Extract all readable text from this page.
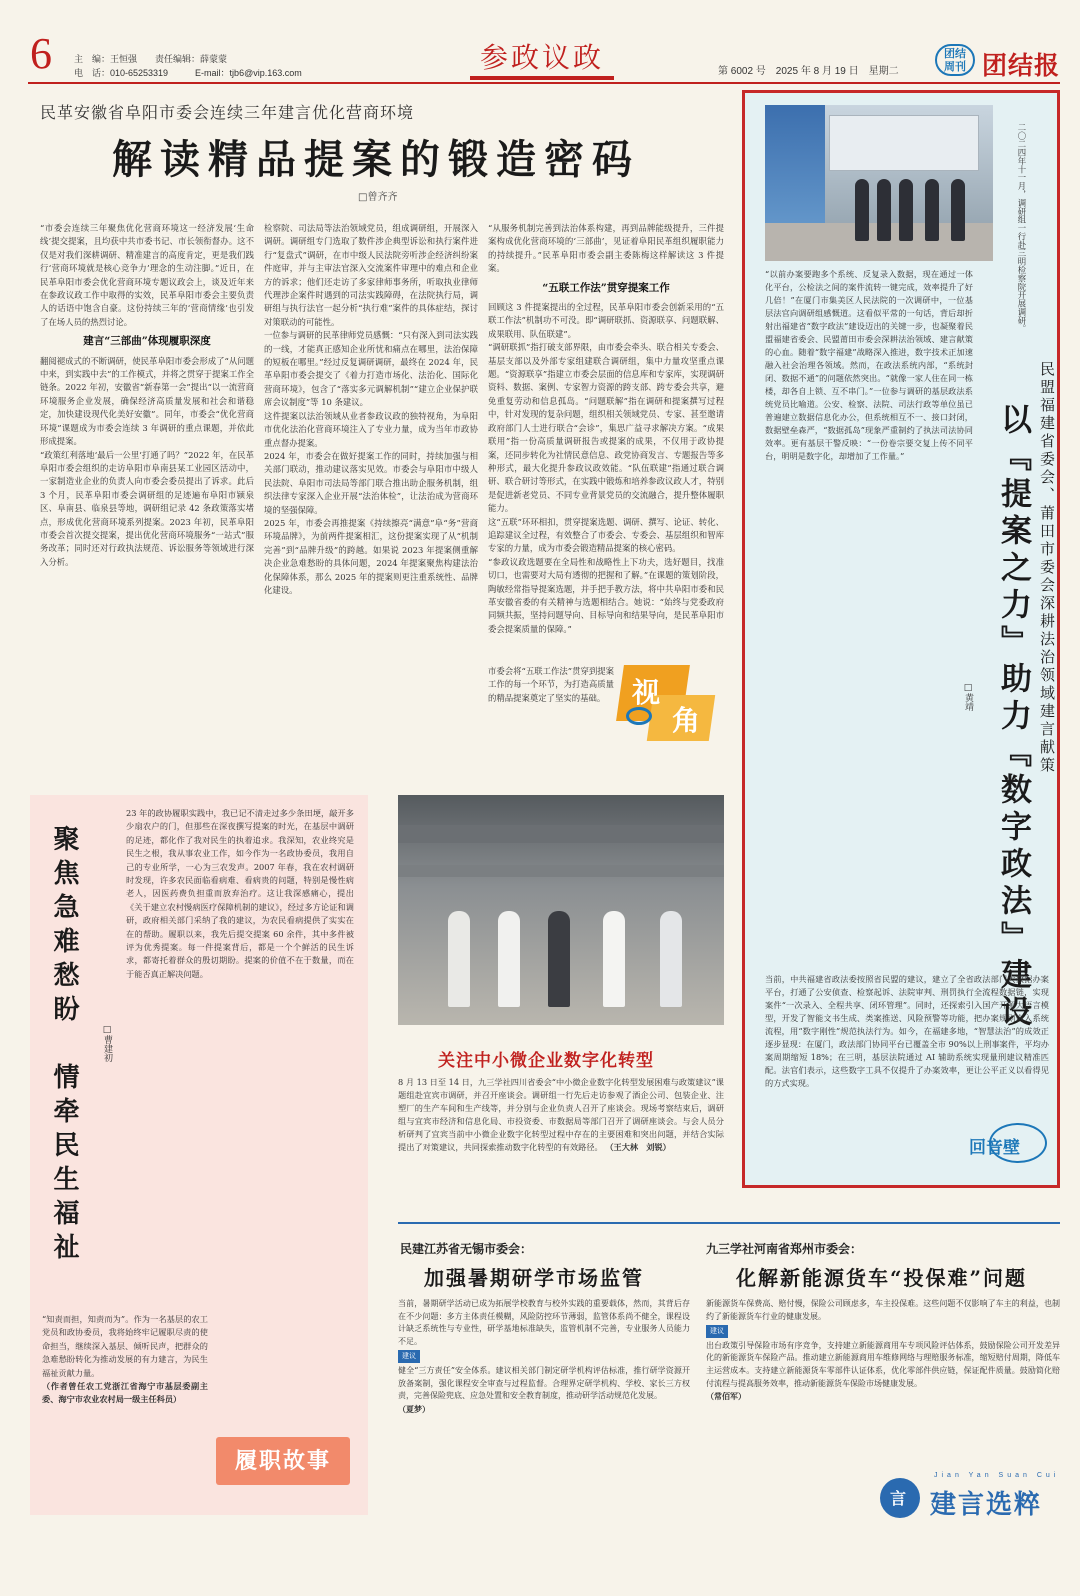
6 主　编：王恒强　　责任编辑：薛蒙蒙
电　话：010-65253319　　　E-mail：tjb6@vip.163.com	参政议政	第 6002 号　2025 年 8 月 19 日　星期二
团结 周刊 团结报
民革安徽省阜阳市委会连续三年建言优化营商环境
解读精品提案的锻造密码
□曾齐齐

“市委会连续三年聚焦优化营商环境这一经济发展‘生命线’提交提案，且均获中共市委书记、市长领衔督办。这不仅是对我们深耕调研、精准建言的高度肯定，更是我们践行‘营商环境就是核心竞争力’理念的生动注脚。”近日，在民革阜阳市委会优化营商环境专题议政会上，谈及近年来在参政议政工作中取得的实效，民革阜阳市委会主要负责人的话语中饱含自豪。这份持续三年的‘营商情缘’也引发了在场人员的热烈讨论。

建言“三部曲”体现履职深度

翻阅褪成式的不断调研，使民革阜阳市委会形成了“从问题中来，到实践中去”的工作模式，并将之贯穿于提案工作全链条。2022 年初，安徽省“新春第一会”提出“以一流营商环境服务企业发展，确保经济高质量发展和社会和谐稳定，加快建设现代化美好安徽”。同年，市委会“优化营商环境”课题成为市委会连续 3 年调研的重点课题，并依此形成提案。

“政策红利落地‘最后一公里’打通了吗？”2022 年，在民革阜阳市委会组织的走访阜阳市阜南县某工业园区活动中，一家制造业企业的负责人向市委会委员提出了诉求。此后 3 个月，民革阜阳市委会调研组的足迹遍布阜阳市颍泉区、阜南县、临泉县等地，调研组记录 42 条政策落实堵点，形成优化营商环境系列提案。2023 年初，民革阜阳市委会首次提交提案，提出优化营商环境服务“一站式”服务改革；同时还对行政执法规范、诉讼服务等领域进行深入分析。

检察院、司法局等法治领域党员，组成调研组，开展深入调研。调研组专门选取了数件涉企典型诉讼和执行案件进行“复盘式”调研，在市中级人民法院旁听涉企经济纠纷案件庭审，并与主审法官深入交流案件审理中的难点和企业方的诉求；他们还走访了多家律师事务所，听取执业律师代理涉企案件时遇到的司法实践障碍，在法院执行局，调研组与执行法官一起分析“执行难”案件的具体症结，探讨对策联动的可能性。

一位参与调研的民革律师党员感慨：“只有深入到司法实践的一线，才能真正感知企业所忧和痛点在哪里，法治保障的短板在哪里。”经过反复调研调研，最终在 2024 年，民革阜阳市委会提交了《着力打造市场化、法治化、国际化营商环境》，包含了“落实多元调解机制”“建立企业保护联席会议制度”等 10 条建议。

这件提案以法治领域从业者参政议政的独特视角，为阜阳市优化法治化营商环境注入了专业力量，成为当年市政协重点督办提案。

2024 年，市委会在做好提案工作的同时，持续加强与相关部门联动，推动建议落实见效。市委会与阜阳市中级人民法院、阜阳市司法局等部门联合推出助企服务机制，组织法律专家深入企业开展“法治体检”，让法治成为营商环境的坚强保障。

2025 年，市委会再推提案《持续擦亮“满意”阜“务”营商环境品牌》，为前两件提案相汇，这份提案实现了从“机制完善”到“品牌升级”的跨越。如果说 2023 年提案侧重解决企业急难愁盼的具体问题，2024 年提案聚焦构建法治化保障体系，那么 2025 年的提案则更注重系统性、品牌化建设。

“从服务机制完善到法治体系构建，再到品牌能级提升，三件提案构成优化营商环境的‘三部曲’，见证着阜阳民革组织履职能力的持续提升。”民革阜阳市委会副主委陈梅这样解读这 3 件提案。

“五联工作法”贯穿提案工作

回顾这 3 件提案提出的全过程，民革阜阳市委会创新采用的“五联工作法”机制功不可没。即“调研联抓、资源联享、问题联解、成果联用、队伍联建”。

“调研联抓”指打破支部界限，由市委会牵头、联合相关专委会、基层支部以及外部专家组建联合调研组，集中力量攻坚重点课题。“资源联享”指建立市委会层面的信息库和专家库，实现调研资料、数据、案例、专家智力资源的跨支部、跨专委会共享，避免重复劳动和信息孤岛。“问题联解”指在调研和提案撰写过程中，针对发现的复杂问题，组织相关领域党员、专家、甚至邀请政府部门人士进行联合“会诊”，集思广益寻求解决方案。“成果联用”指一份高质量调研报告或提案的成果，不仅用于政协提案，还同步转化为社情民意信息、政党协商发言、专题报告等多种形式，最大化提升参政议政效能。“队伍联建”指通过联合调研、联合研讨等形式，在实践中锻炼和培养参政议政人才，特别是促进新老党员、不同专业背景党员的交流融合，提升整体履职能力。

这“五联”环环相扣，贯穿提案选题、调研、撰写、论证、转化、追踪建议全过程，有效整合了市委会、专委会、基层组织和智库专家的力量，成为市委会锻造精品提案的核心密码。

“参政议政选题要在全局性和战略性上下功夫，选好题目，找准切口，也需要对大局有透彻的把握和了解。”在课题的策划阶段，陶敏经常指导提案选题，并手把手教方法，将中共阜阳市委和民革安徽省委的有关精神与选题相结合。她说：“始终与党委政府同频共振，坚持问题导向、目标导向和结果导向，是民革阜阳市委会提案质量的保障。”

市委会将“五联工作法”贯穿到提案工作的每一个环节，为打造高质量的精品提案奠定了坚实的基础。 视
角
二〇二四年十一月，调研组一行赴三明检察院开展调研。
民盟福建省委会、莆田市委会深耕法治领域建言献策
以『提案之力』助力『数字政法』建设
□黄靖
“以前办案要跑多个系统、反复录入数据，现在通过一体化平台，公检法之间的案件流转一键完成，效率提升了好几倍！”在厦门市集美区人民法院的一次调研中，一位基层法官向调研组感慨道。这看似平常的一句话，背后却折射出福建省“数字政法”建设迈出的关键一步，也凝聚着民盟福建省委会、民盟莆田市委会深耕法治领域、建言献策的心血。随着“数字福建”战略深入推进，数字技术正加速融入社会治理各领域。然而，在政法系统内部，“系统封闭、数据不通”的问题依然突出。“就像一家人住在同一栋楼，却各自上锁、互不串门。”一位参与调研的基层政法系统党员比喻道。公安、检察、法院、司法行政等单位虽已普遍建立数据信息化办公，但系统相互不一、接口封闭，数据壁垒森严，“数据孤岛”现象严重制约了执法司法协同效率。更有基层干警反映：“一份卷宗要交复上传不同平台，明明是数字化，却增加了工作量。”
当前，中共福建省政法委按照省民盟的建议，建立了全省政法部门大数据办案平台，打通了公安侦查、检察起诉、法院审判、刑罚执行全流程数据链，实现案件“一次录入、全程共享、闭环管理”。同时，还探索引入国产开源大语言模型，开发了智能文书生成、类案推送、风险预警等功能，把办案规则嵌入系统流程，用“数字刚性”规范执法行为。如今，在福建多地，“智慧法治”的成效正逐步显现：在厦门，政法部门协同平台已覆盖全市 90%以上刑事案件，平均办案周期缩短 18%；在三明，基层法院通过 AI 辅助系统实现量刑建议精准匹配。法官们表示，这些数字工具不仅提升了办案效率，更让公平正义以看得见的方式实现。
回音壁
聚焦急难愁盼　情牵民生福祉	□曹建初
23 年的政协履职实践中，我已记不清走过多少条田埂，敲开多少扇农户的门，但那些在深夜撰写提案的时光，在基层中调研的足迹，都化作了我对民生的执着追求。我深知，农业终究是民生之根，我从事农业工作，如今作为一名政协委员，我用自己的专业所学，一心为三农发声。2007 年春，我在农村调研时发现，许多农民面临看病难、看病贵的问题，特别是慢性病老人，因医药费负担重而放弃治疗。这让我深感痛心，提出《关于建立农村慢病医疗保障机制的建议》，经过多方论证和调研，政府相关部门采纳了我的建议，为农民看病提供了实实在在的帮助。履职以来，我先后提交提案 60 余件，其中多件被评为优秀提案。每一件提案背后，都是一个个鲜活的民生诉求，都寄托着群众的殷切期盼。提案的价值不在于数量，而在于能否真正解决问题。

“知责而担，知责而为”。作为一名基层的农工党员和政协委员，我将始终牢记履职尽责的使命担当，继续深入基层、倾听民声，把群众的急难愁盼转化为推动发展的有力建言，为民生福祉贡献力量。

（作者曾任农工党浙江省海宁市基层委副主委、海宁市农业农村局一级主任科员）

履职故事
关注中小微企业数字化转型
8 月 13 日至 14 日，九三学社四川省委会“中小微企业数字化转型发展困难与政策建议”课题组赴宜宾市调研，并召开座谈会。调研组一行先后走访参观了酒企公司、包装企业、注塑厂的生产车间和生产线等，并分别与企业负责人召开了座谈会。现场考察结束后，调研组与宜宾市经济和信息化局、市投资委、市数据局等部门召开了调研座谈会。与会人员分析研判了宜宾当前中小微企业数字化转型过程中存在的主要困难和突出问题，并结合实际提出了对策建议，共同探索推动数字化转型的有效路径。 （王大林　刘锐）
民建江苏省无锡市委会：
加强暑期研学市场监管

当前，暑期研学活动已成为拓展学校教育与校外实践的重要载体，然而，其背后存在不少问题：多方主体责任模糊，风险防控环节薄弱，监管体系尚不健全，课程设计缺乏系统性与专业性，研学基地标准缺失，监管机制不完善，专业服务人员能力不足。

建议

健全“三方责任”安全体系。建议相关部门制定研学机构评估标准，推行研学资源开放备案制，强化课程安全审查与过程监督。合理界定研学机构、学校、家长三方权责，完善保险兜底、应急处置和安全教育制度，推动研学活动规范化发展。

（夏梦）

九三学社河南省郑州市委会：
化解新能源货车“投保难”问题

新能源货车保费高、赔付慢，保险公司顾虑多，车主投保难。这些问题不仅影响了车主的利益，也制约了新能源货车行业的健康发展。

建议

出台政策引导保险市场有序竞争，支持建立新能源商用车专项风险评估体系，鼓励保险公司开发差异化的新能源货车保险产品。推动建立新能源商用车维修网络与理赔服务标准，缩短赔付周期，降低车主运营成本。支持建立新能源货车零部件认证体系，优化零部件供应链，保证配件质量。鼓励简化赔付流程与提高服务效率，推动新能源货车保险市场健康发展。

（常佰军）

言
Jian Yan Suan Cui
建言选粹
